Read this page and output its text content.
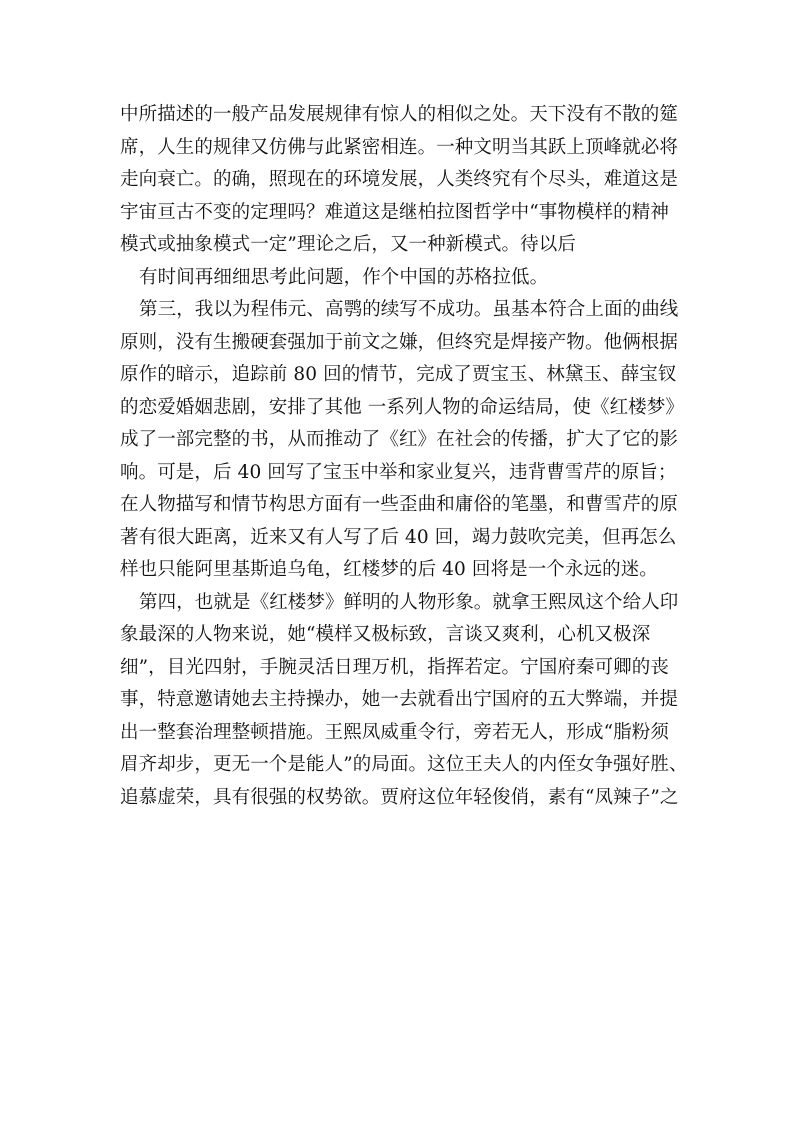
中所描述的一般产品发展规律有惊人的相似之处。天下没有不散的筵
席，人生的规律又仿佛与此紧密相连。一种文明当其跃上顶峰就必将
走向衰亡。的确，照现在的环境发展，人类终究有个尽头，难道这是
宇宙亘古不变的定理吗？难道这是继柏拉图哲学中“事物模样的精神
模式或抽象模式一定”理论之后，又一种新模式。待以后
有时间再细细思考此问题，作个中国的苏格拉低。
第三，我以为程伟元、高鹗的续写不成功。虽基本符合上面的曲线
原则，没有生搬硬套强加于前文之嫌，但终究是焊接产物。他俩根据
原作的暗示，追踪前 80 回的情节，完成了贾宝玉、林黛玉、薛宝钗
的恋爱婚姻悲剧，安排了其他 一系列人物的命运结局，使《红楼梦》
成了一部完整的书，从而推动了《红》在社会的传播，扩大了它的影
响。可是，后 40 回写了宝玉中举和家业复兴，违背曹雪芹的原旨；
在人物描写和情节构思方面有一些歪曲和庸俗的笔墨，和曹雪芹的原
著有很大距离，近来又有人写了后 40 回，竭力鼓吹完美，但再怎么
样也只能阿里基斯追乌龟，红楼梦的后 40 回将是一个永远的迷。
第四，也就是《红楼梦》鲜明的人物形象。就拿王熙凤这个给人印
象最深的人物来说，她“模样又极标致，言谈又爽利，心机又极深
细”，目光四射，手腕灵活日理万机，指挥若定。宁国府秦可卿的丧
事，特意邀请她去主持操办，她一去就看出宁国府的五大弊端，并提
出一整套治理整顿措施。王熙凤威重令行，旁若无人，形成“脂粉须
眉齐却步，更无一个是能人”的局面。这位王夫人的内侄女争强好胜、
追慕虚荣，具有很强的权势欲。贾府这位年轻俊俏，素有“凤辣子”之
